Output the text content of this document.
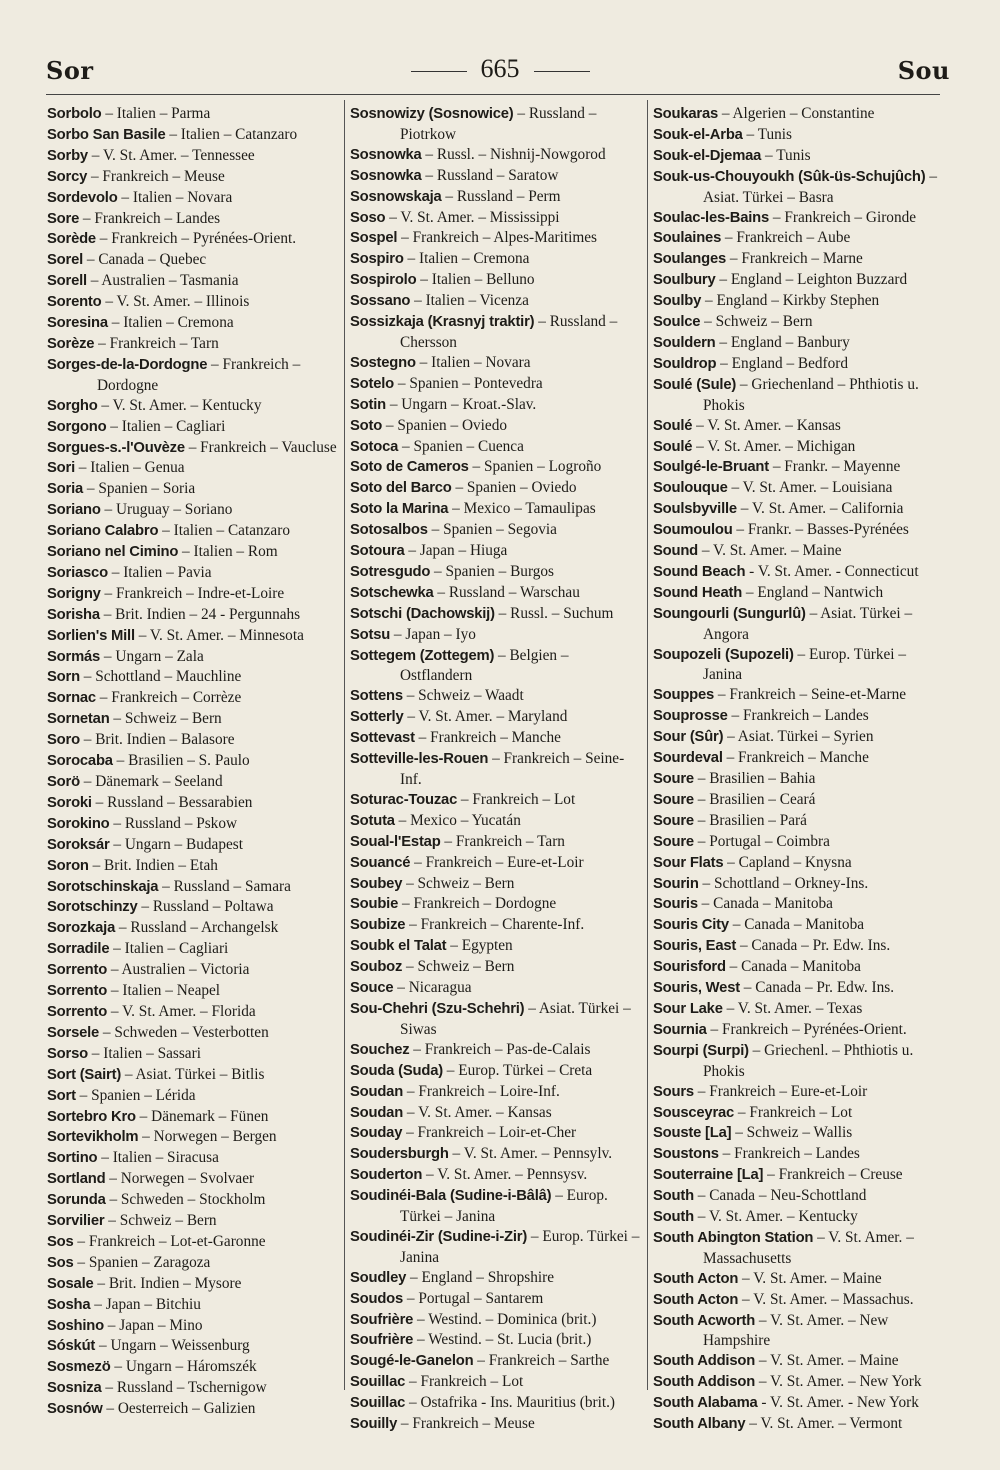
Sor	665	Sou
Sorbolo – Italien – Parma
Sorbo San Basile – Italien – Catanzaro
Sorby – V. St. Amer. – Tennessee
Sorcy – Frankreich – Meuse
Sordevolo – Italien – Novara
Sore – Frankreich – Landes
Sorède – Frankreich – Pyrénées-Orient.
Sorel – Canada – Quebec
Sorell – Australien – Tasmania
Sorento – V. St. Amer. – Illinois
Soresina – Italien – Cremona
Sorèze – Frankreich – Tarn
Sorges-de-la-Dordogne – Frankreich – Dordogne
Sorgho – V. St. Amer. – Kentucky
Sorgono – Italien – Cagliari
Sorgues-s.-l'Ouvèze – Frankreich – Vaucluse
Sori – Italien – Genua
Soria – Spanien – Soria
Soriano – Uruguay – Soriano
Soriano Calabro – Italien – Catanzaro
Soriano nel Cimino – Italien – Rom
Soriasco – Italien – Pavia
Sorigny – Frankreich – Indre-et-Loire
Sorisha – Brit. Indien – 24 - Pergunnahs
Sorlien's Mill – V. St. Amer. – Minnesota
Sormás – Ungarn – Zala
Sorn – Schottland – Mauchline
Sornac – Frankreich – Corrèze
Sornetan – Schweiz – Bern
Soro – Brit. Indien – Balasore
Sorocaba – Brasilien – S. Paulo
Sorö – Dänemark – Seeland
Soroki – Russland – Bessarabien
Sorokino – Russland – Pskow
Soroksár – Ungarn – Budapest
Soron – Brit. Indien – Etah
Sorotschinskaja – Russland – Samara
Sorotschinzy – Russland – Poltawa
Sorozkaja – Russland – Archangelsk
Sorradile – Italien – Cagliari
Sorrento – Australien – Victoria
Sorrento – Italien – Neapel
Sorrento – V. St. Amer. – Florida
Sorsele – Schweden – Vesterbotten
Sorso – Italien – Sassari
Sort (Sairt) – Asiat. Türkei – Bitlis
Sort – Spanien – Lérida
Sortebro Kro – Dänemark – Fünen
Sortevikholm – Norwegen – Bergen
Sortino – Italien – Siracusa
Sortland – Norwegen – Svolvaer
Sorunda – Schweden – Stockholm
Sorvilier – Schweiz – Bern
Sos – Frankreich – Lot-et-Garonne
Sos – Spanien – Zaragoza
Sosale – Brit. Indien – Mysore
Sosha – Japan – Bitchiu
Soshino – Japan – Mino
Sóskút – Ungarn – Weissenburg
Sosmezö – Ungarn – Háromszék
Sosniza – Russland – Tschernigow
Sosnów – Oesterreich – Galizien
Sosnowizy (Sosnowice) – Russland – Piotrkow
Sosnowka – Russl. – Nishnij-Nowgorod
Sosnowka – Russland – Saratow
Sosnowskaja – Russland – Perm
Soso – V. St. Amer. – Mississippi
Sospel – Frankreich – Alpes-Maritimes
Sospiro – Italien – Cremona
Sospirolo – Italien – Belluno
Sossano – Italien – Vicenza
Sossizkaja (Krasnyj traktir) – Russland – Chersson
Sostegno – Italien – Novara
Sotelo – Spanien – Pontevedra
Sotin – Ungarn – Kroat.-Slav.
Soto – Spanien – Oviedo
Sotoca – Spanien – Cuenca
Soto de Cameros – Spanien – Logroño
Soto del Barco – Spanien – Oviedo
Soto la Marina – Mexico – Tamaulipas
Sotosalbos – Spanien – Segovia
Sotoura – Japan – Hiuga
Sotresgudo – Spanien – Burgos
Sotschewka – Russland – Warschau
Sotschi (Dachowskij) – Russl. – Suchum
Sotsu – Japan – Iyo
Sottegem (Zottegem) – Belgien – Ostflandern
Sottens – Schweiz – Waadt
Sotterly – V. St. Amer. – Maryland
Sottevast – Frankreich – Manche
Sotteville-les-Rouen – Frankreich – Seine-Inf.
Soturac-Touzac – Frankreich – Lot
Sotuta – Mexico – Yucatán
Soual-l'Estap – Frankreich – Tarn
Souancé – Frankreich – Eure-et-Loir
Soubey – Schweiz – Bern
Soubie – Frankreich – Dordogne
Soubize – Frankreich – Charente-Inf.
Soubk el Talat – Egypten
Souboz – Schweiz – Bern
Souce – Nicaragua
Sou-Chehri (Szu-Schehri) – Asiat. Türkei – Siwas
Souchez – Frankreich – Pas-de-Calais
Souda (Suda) – Europ. Türkei – Creta
Soudan – Frankreich – Loire-Inf.
Soudan – V. St. Amer. – Kansas
Souday – Frankreich – Loir-et-Cher
Soudersburgh – V. St. Amer. – Pennsylv.
Souderton – V. St. Amer. – Pennsysv.
Soudinéi-Bala (Sudine-i-Bâlâ) – Europ. Türkei – Janina
Soudinéi-Zir (Sudine-i-Zir) – Europ. Türkei – Janina
Soudley – England – Shropshire
Soudos – Portugal – Santarem
Soufrière – Westind. – Dominica (brit.)
Soufrière – Westind. – St. Lucia (brit.)
Sougé-le-Ganelon – Frankreich – Sarthe
Souillac – Frankreich – Lot
Souillac – Ostafrika - Ins. Mauritius (brit.)
Souilly – Frankreich – Meuse
Soukaras – Algerien – Constantine
Souk-el-Arba – Tunis
Souk-el-Djemaa – Tunis
Souk-us-Chouyoukh (Sûk-üs-Schujûch) – Asiat. Türkei – Basra
Soulac-les-Bains – Frankreich – Gironde
Soulaines – Frankreich – Aube
Soulanges – Frankreich – Marne
Soulbury – England – Leighton Buzzard
Soulby – England – Kirkby Stephen
Soulce – Schweiz – Bern
Souldern – England – Banbury
Souldrop – England – Bedford
Soulé (Sule) – Griechenland – Phthiotis u. Phokis
Soulé – V. St. Amer. – Kansas
Soulé – V. St. Amer. – Michigan
Soulgé-le-Bruant – Frankr. – Mayenne
Soulouque – V. St. Amer. – Louisiana
Soulsbyville – V. St. Amer. – California
Soumoulou – Frankr. – Basses-Pyrénées
Sound – V. St. Amer. – Maine
Sound Beach - V. St. Amer. - Connecticut
Sound Heath – England – Nantwich
Soungourli (Sungurlû) – Asiat. Türkei – Angora
Soupozeli (Supozeli) – Europ. Türkei – Janina
Souppes – Frankreich – Seine-et-Marne
Souprosse – Frankreich – Landes
Sour (Sûr) – Asiat. Türkei – Syrien
Sourdeval – Frankreich – Manche
Soure – Brasilien – Bahia
Soure – Brasilien – Ceará
Soure – Brasilien – Pará
Soure – Portugal – Coimbra
Sour Flats – Capland – Knysna
Sourin – Schottland – Orkney-Ins.
Souris – Canada – Manitoba
Souris City – Canada – Manitoba
Souris, East – Canada – Pr. Edw. Ins.
Sourisford – Canada – Manitoba
Souris, West – Canada – Pr. Edw. Ins.
Sour Lake – V. St. Amer. – Texas
Sournia – Frankreich – Pyrénées-Orient.
Sourpi (Surpi) – Griechenl. – Phthiotis u. Phokis
Sours – Frankreich – Eure-et-Loir
Sousceyrac – Frankreich – Lot
Souste [La] – Schweiz – Wallis
Soustons – Frankreich – Landes
Souterraine [La] – Frankreich – Creuse
South – Canada – Neu-Schottland
South – V. St. Amer. – Kentucky
South Abington Station – V. St. Amer. – Massachusetts
South Acton – V. St. Amer. – Maine
South Acton – V. St. Amer. – Massachus.
South Acworth – V. St. Amer. – New Hampshire
South Addison – V. St. Amer. – Maine
South Addison – V. St. Amer. – New York
South Alabama - V. St. Amer. - New York
South Albany – V. St. Amer. – Vermont
